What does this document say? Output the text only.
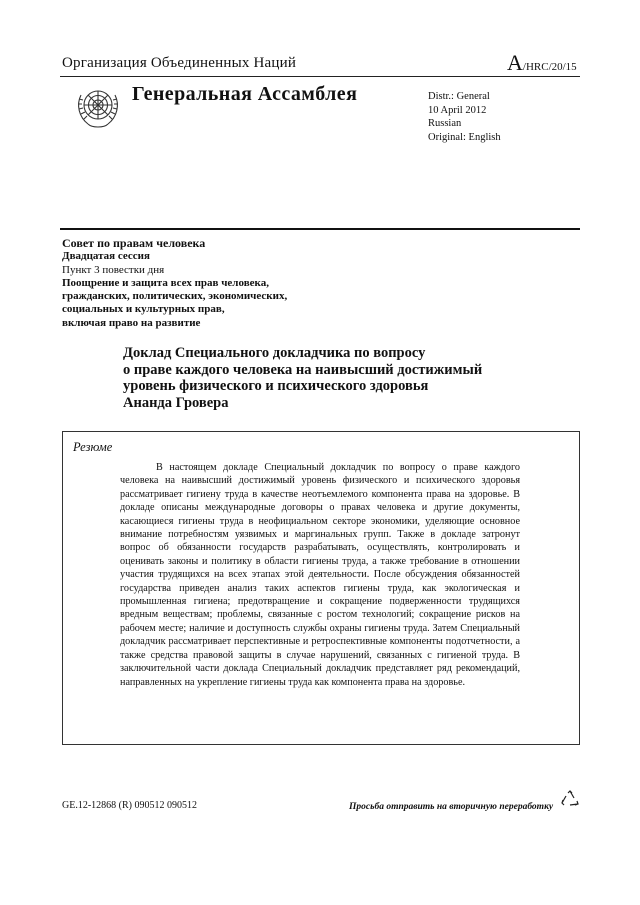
Организация Объединенных Наций	A/HRC/20/15
Генеральная Ассамблея	Distr.: General
10 April 2012
Russian
Original: English
Совет по правам человека
Двадцатая сессия
Пункт 3 повестки дня
Поощрение и защита всех прав человека,
гражданских, политических, экономических,
социальных и культурных прав,
включая право на развитие
Доклад Специального докладчика по вопросу
о праве каждого человека на наивысший достижимый
уровень физического и психического здоровья
Ананда Гровера
Резюме
В настоящем докладе Специальный докладчик по вопросу о праве каждого человека на наивысший достижимый уровень физического и психического здоровья рассматривает гигиену труда в качестве неотъемлемого компонента права на здоровье. В докладе описаны международные договоры о правах человека и другие документы, касающиеся гигиены труда в неофициальном секторе экономики, уделяющие основное внимание потребностям уязвимых и маргинальных групп. Также в докладе затронут вопрос об обязанности государств разрабатывать, осуществлять, контролировать и оценивать законы и политику в области гигиены труда, а также требование в отношении участия трудящихся на всех этапах этой деятельности. После обсуждения обязанностей государства приведен анализ таких аспектов гигиены труда, как экологическая и промышленная гигиена; предотвращение и сокращение подверженности трудящихся вредным веществам; проблемы, связанные с ростом технологий; сокращение рисков на рабочем месте; наличие и доступность службы охраны гигиены труда. Затем Специальный докладчик рассматривает перспективные и ретроспективные компоненты подотчетности, а также средства правовой защиты в случае нарушений, связанных с гигиеной труда. В заключительной части доклада Специальный докладчик представляет ряд рекомендаций, направленных на укрепление гигиены труда как компонента права на здоровье.
GE.12-12868 (R) 090512 090512	Просьба отправить на вторичную переработку
